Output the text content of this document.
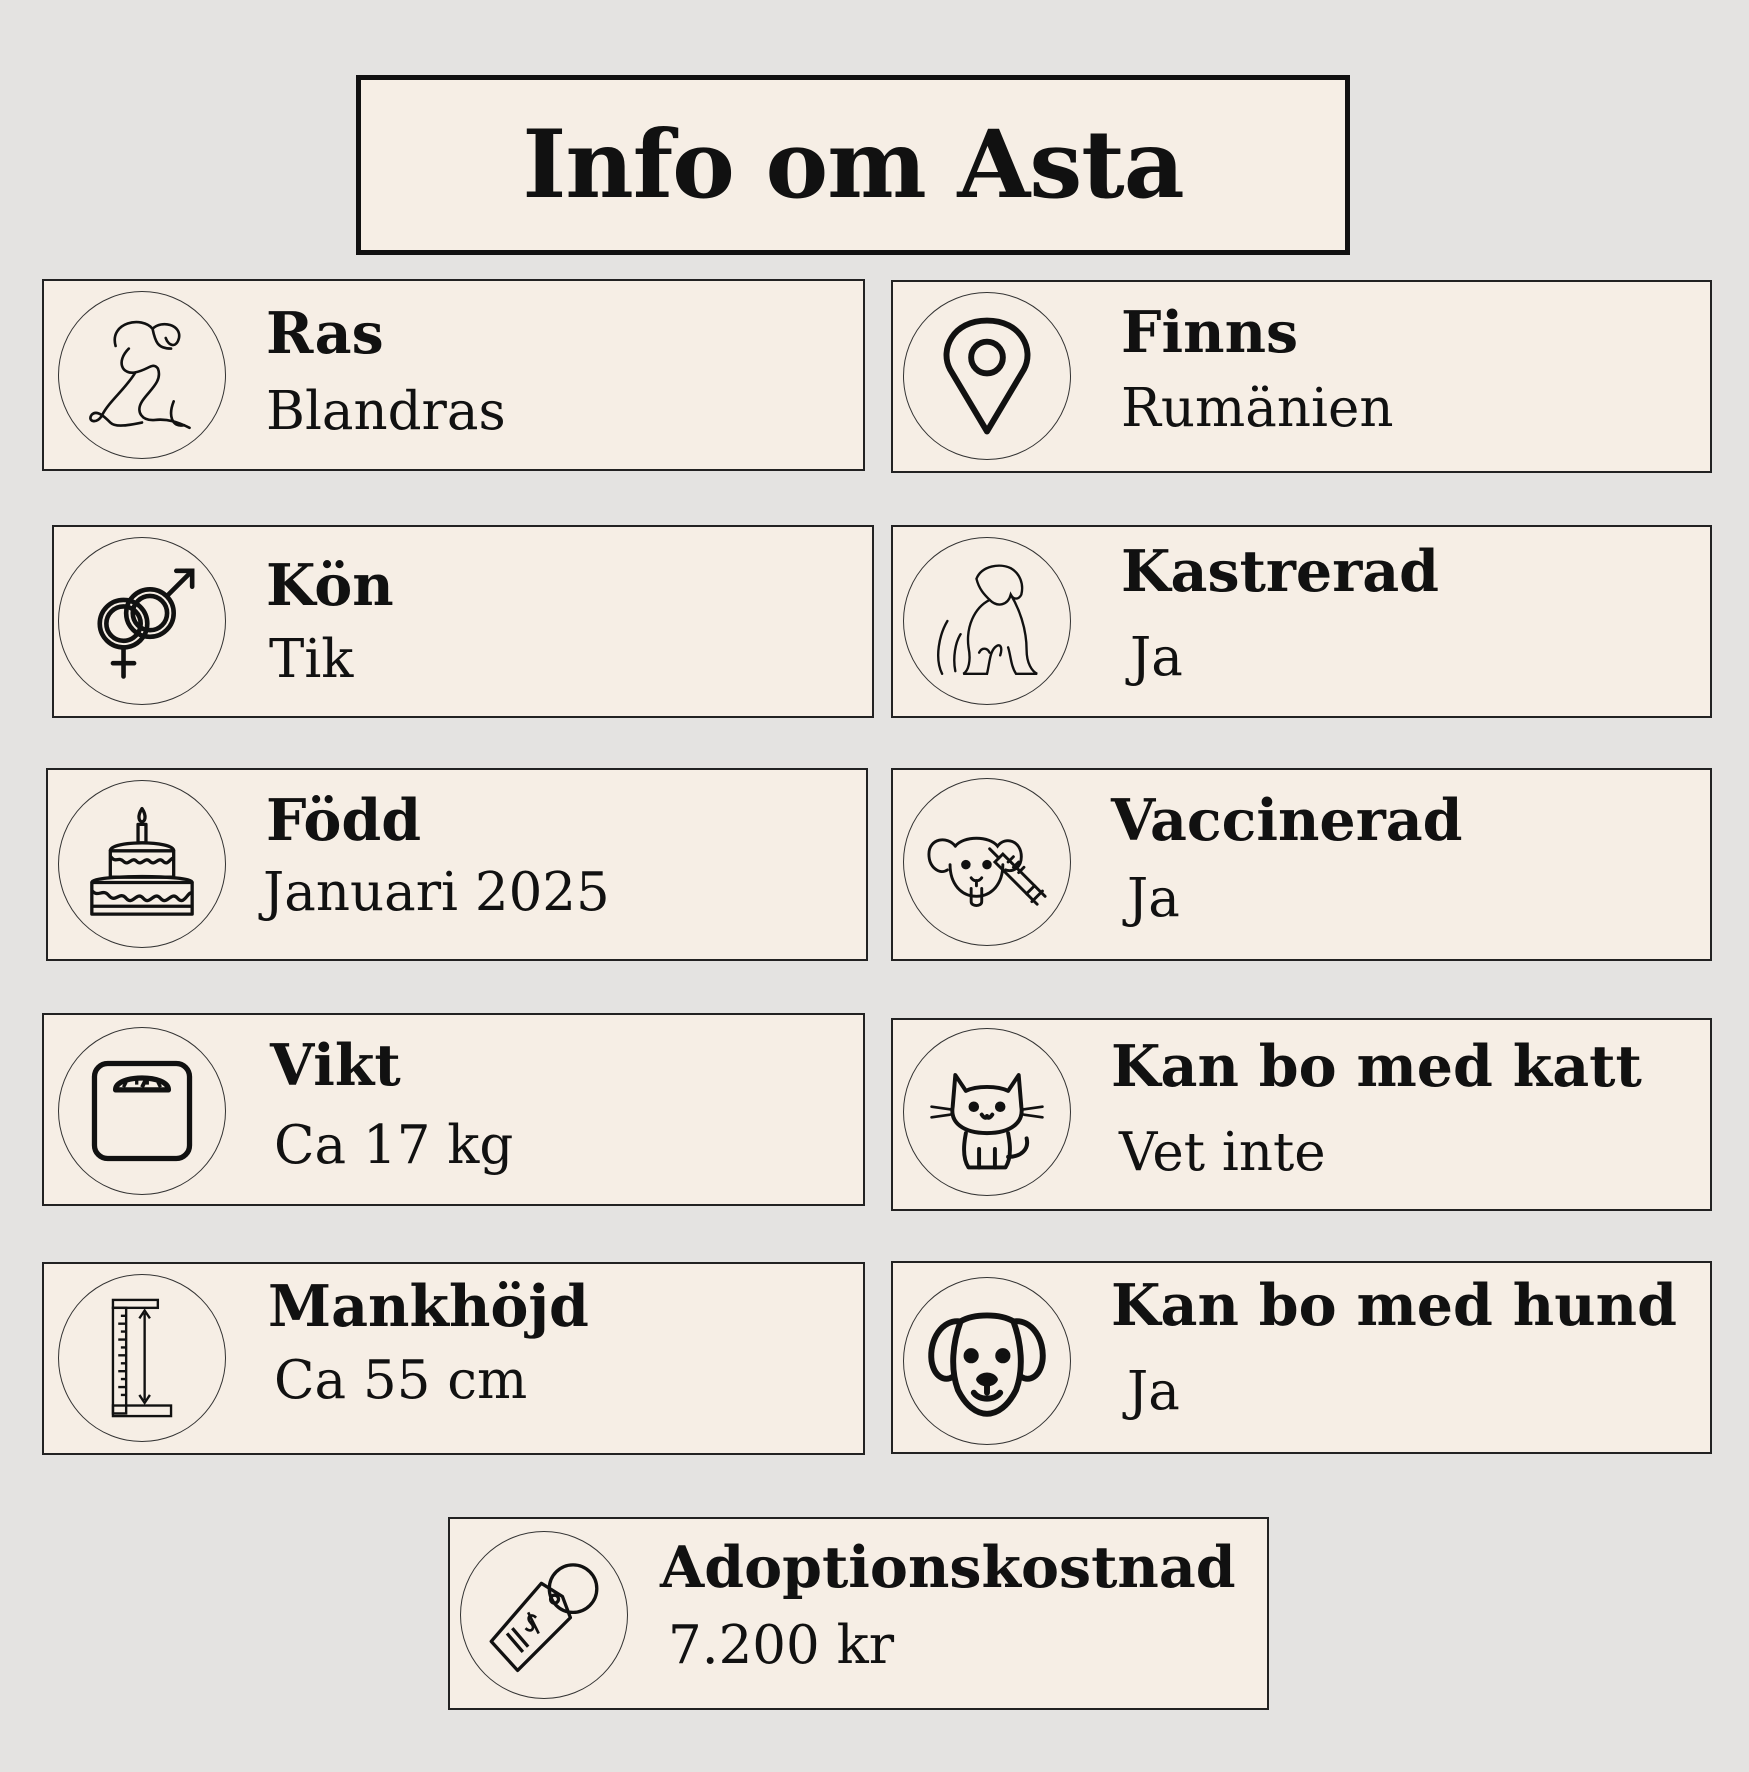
Info om Asta
Ras
Blandras
Finns
Rumänien
Kön
Tik
Kastrerad
Ja
Född
Januari 2025
Vaccinerad
Ja
Vikt
Ca 17 kg
Kan bo med katt
Vet inte
Mankhöjd
Ca 55 cm
Kan bo med hund
Ja
Adoptionskostnad
7.200 kr
